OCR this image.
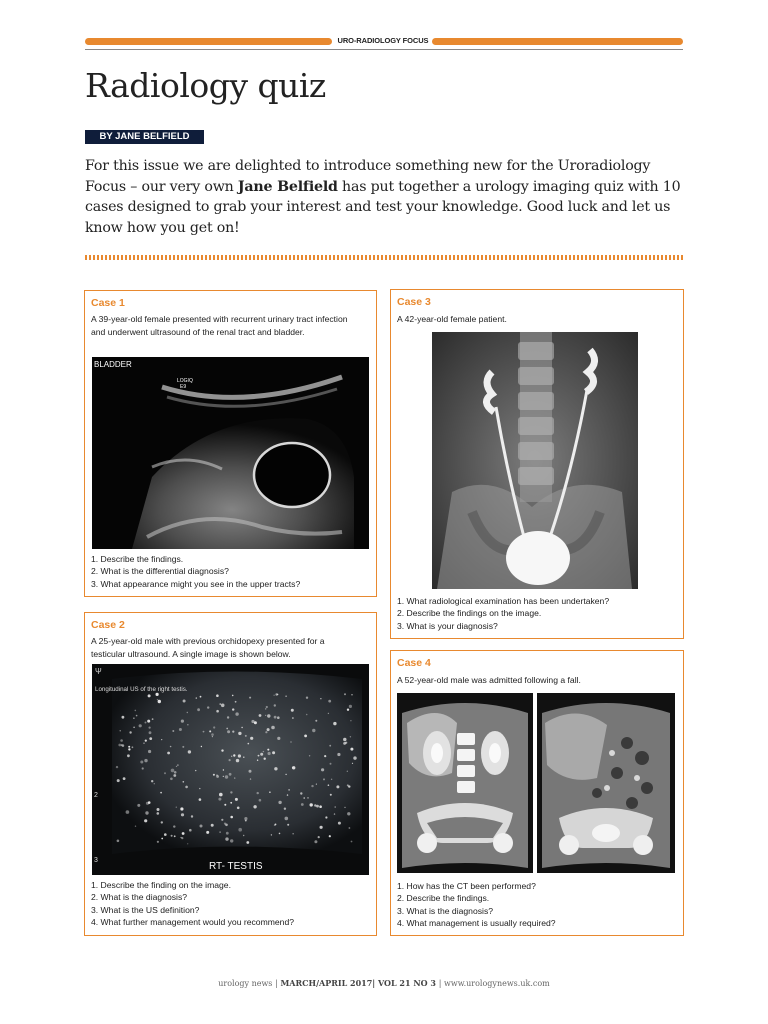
URO-RADIOLOGY FOCUS
Radiology quiz
BY JANE BELFIELD
For this issue we are delighted to introduce something new for the Uroradiology Focus – our very own Jane Belfield has put together a urology imaging quiz with 10 cases designed to grab your interest and test your knowledge. Good luck and let us know how you get on!
Case 1
A 39-year-old female presented with recurrent urinary tract infection and underwent ultrasound of the renal tract and bladder.
BLADDER
LOGIQ
E9
1. Describe the findings.
2. What is the differential diagnosis?
3. What appearance might you see in the upper tracts?
Case 2
A 25-year-old male with previous orchidopexy presented for a testicular ultrasound. A single image is shown below.
Ψ
2
3
Longitudinal US of the right testis.
RT- TESTIS
1. Describe the finding on the image.
2. What is the diagnosis?
3. What is the US definition?
4. What further management would you recommend?
Case 3
A 42-year-old female patient.
1. What radiological examination has been undertaken?
2. Describe the findings on the image.
3. What is your diagnosis?
Case 4
A 52-year-old male was admitted following a fall.
1. How has the CT been performed?
2. Describe the findings.
3. What is the diagnosis?
4. What management is usually required?
urology news | MARCH/APRIL 2017| VOL 21 NO 3 | www.urologynews.uk.com
